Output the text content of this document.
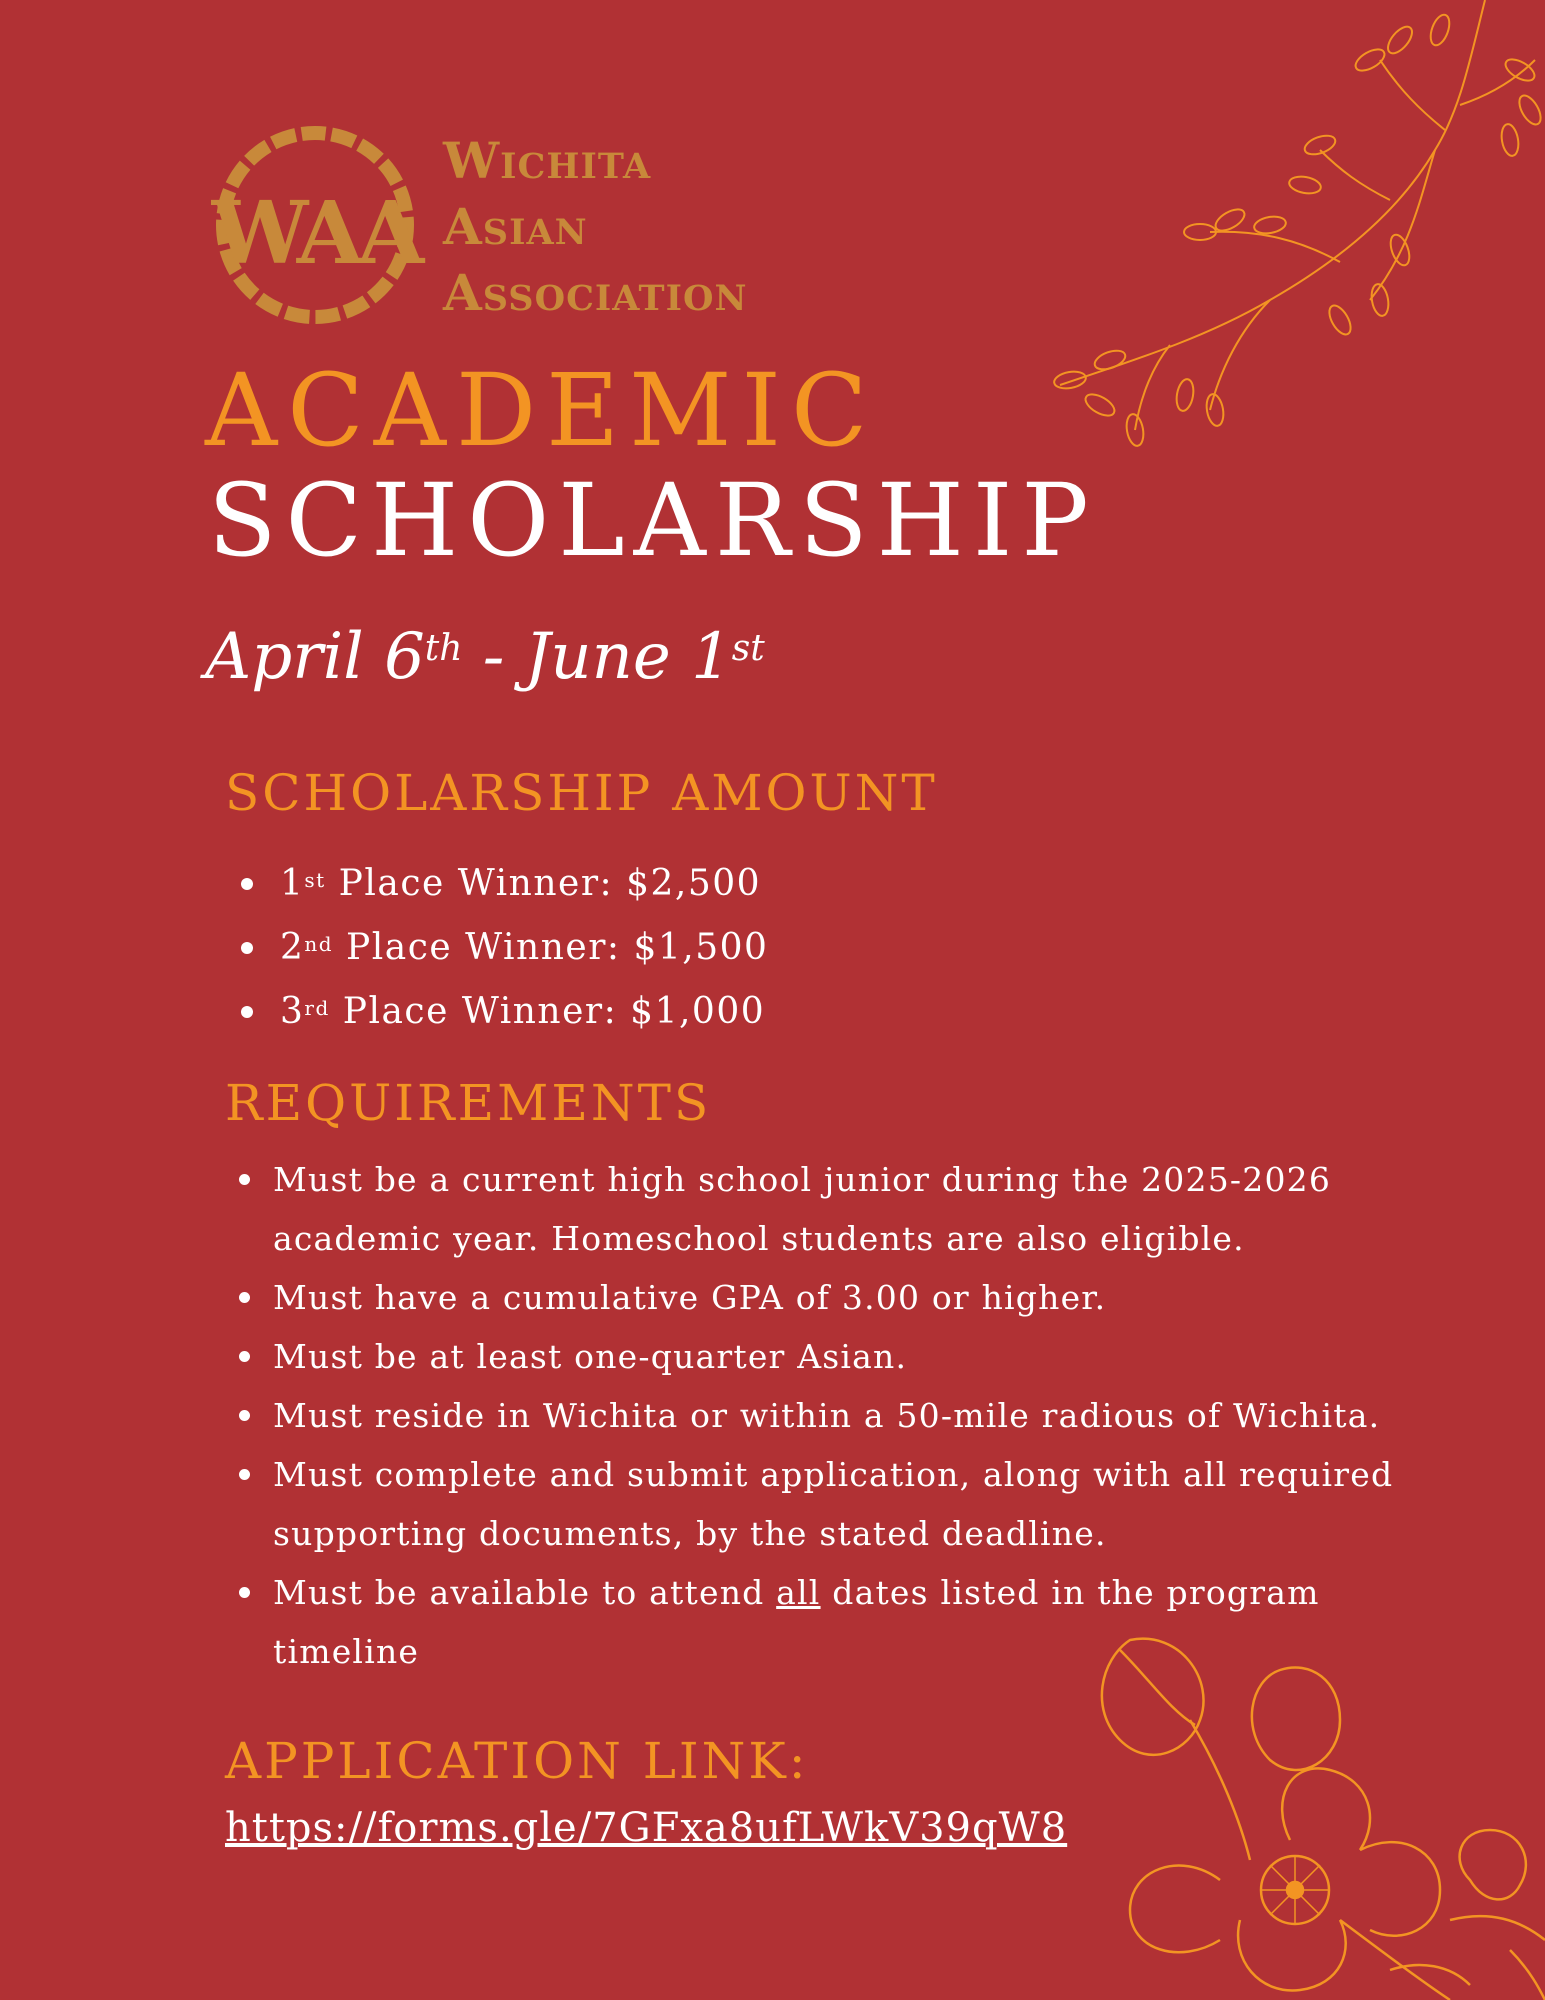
WAA
Wichita
Asian
Association
ACADEMIC
SCHOLARSHIP
April 6th - June 1st
SCHOLARSHIP AMOUNT
1st Place Winner: $2,500
2nd Place Winner: $1,500
3rd Place Winner: $1,000
REQUIREMENTS
Must be a current high school junior during the 2025-2026 academic year. Homeschool students are also eligible.
Must have a cumulative GPA of 3.00 or higher.
Must be at least one-quarter Asian.
Must reside in Wichita or within a 50-mile radious of Wichita.
Must complete and submit application, along with all required supporting documents, by the stated deadline.
Must be available to attend all dates listed in the program timeline
APPLICATION LINK:
https://forms.gle/7GFxa8ufLWkV39qW8
